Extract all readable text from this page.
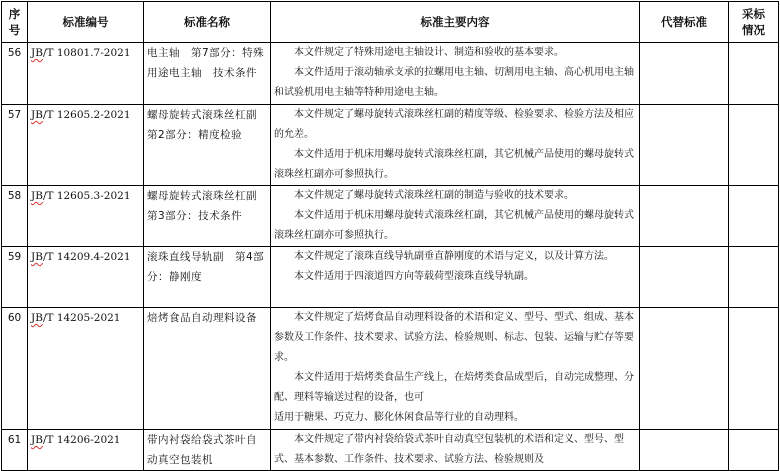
序
号	标准编号	标准名称	标准主要内容	代替标准	采标
情况
56	JB/T 10801.7-2021	电主轴　第7部分：特殊用途电主轴　技术条件	本文件规定了特殊用途电主轴设计、制造和验收的基本要求。
本文件适用于滚动轴承支承的拉螺用电主轴、切割用电主轴、高心机用电主轴和试验机用电主轴等特种用途电主轴。		

57	JB/T 12605.2-2021	螺母旋转式滚珠丝杠副　第2部分：精度检验	本文件规定了螺母旋转式滚珠丝杠副的精度等级、检验要求、检验方法及相应的允差。
本文件适用于机床用螺母旋转式滚珠丝杠副，其它机械产品使用的螺母旋转式滚珠丝杠副亦可参照执行。		

58	JB/T 12605.3-2021	螺母旋转式滚珠丝杠副　第3部分：技术条件	本文件规定了螺母旋转式滚珠丝杠副的制造与验收的技术要求。
本文件适用于机床用螺母旋转式滚珠丝杠副，其它机械产品使用的螺母旋转式滚珠丝杠副亦可参照执行。		

59	JB/T 14209.4-2021	滚珠直线导轨副　第4部分：静刚度	本文件规定了滚珠直线导轨副垂直静刚度的术语与定义，以及计算方法。
本文件适用于四滚道四方向等载荷型滚珠直线导轨副。		

60	JB/T 14205-2021	焙烤食品自动理料设备	本文件规定了焙烤食品自动理料设备的术语和定义、型号、型式、组成、基本参数及工作条件、技术要求、试验方法、检验规则、标志、包装、运输与贮存等要求。
本文件适用于焙烤类食品生产线上，在焙烤类食品成型后，自动完成整理、分配、理料等输送过程的设备，也可
适用于糖果、巧克力、膨化休闲食品等行业的自动理料。		

61	JB/T 14206-2021	带内衬袋给袋式茶叶自动真空包装机	本文件规定了带内衬袋给袋式茶叶自动真空包装机的术语和定义、型号、型式、基本参数、工作条件、技术要求、试验方法、检验规则及		
